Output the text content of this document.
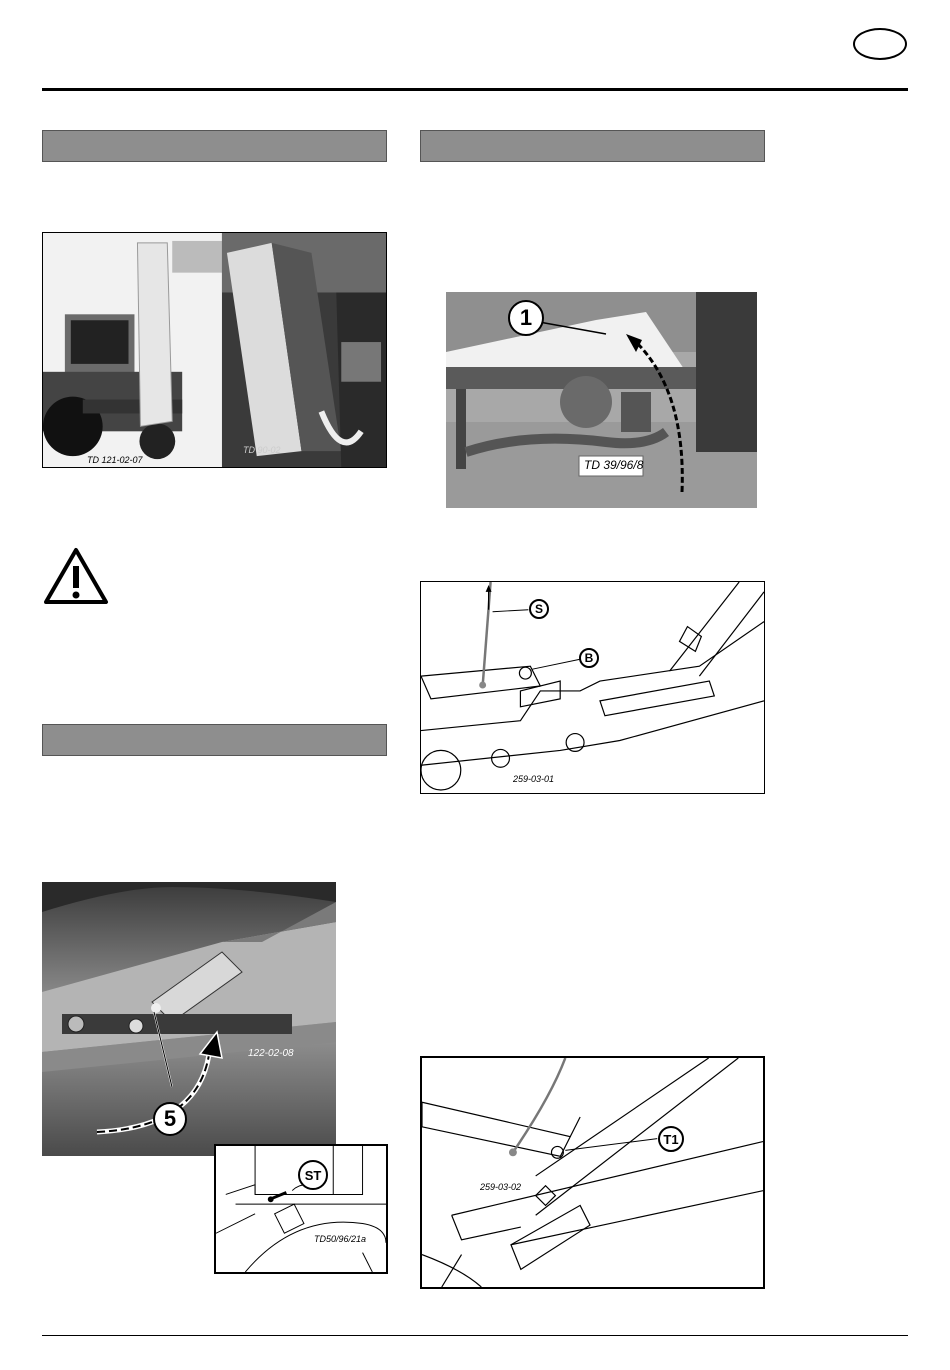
TD 121-02-07
TD 90-02
1
TD 39/96/8
S
B
259-03-01
5
122-02-08
ST
TD50/96/21a
T1
259-03-02
